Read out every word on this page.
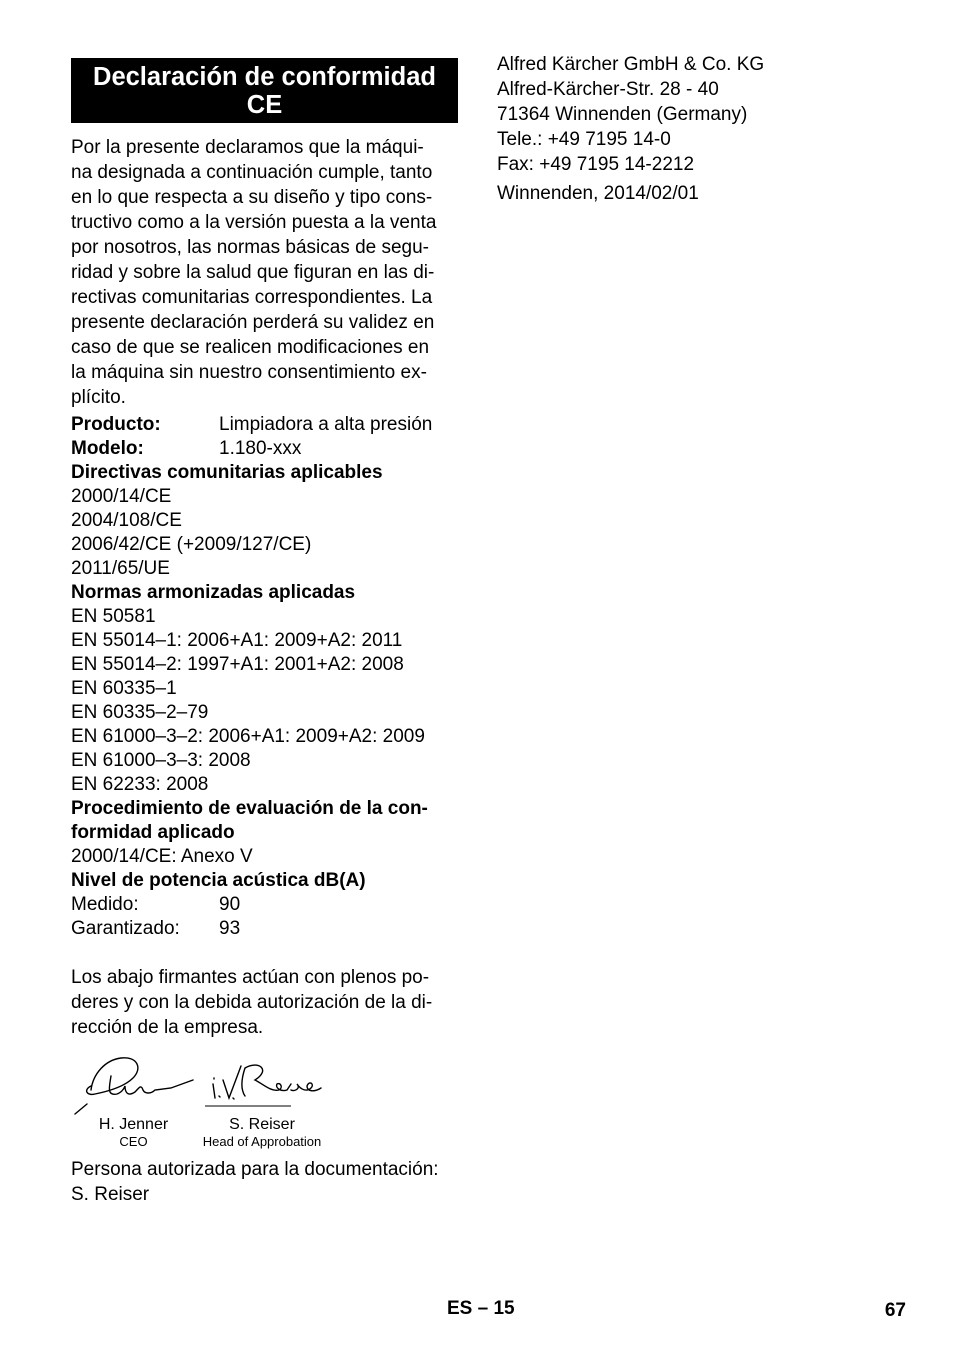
Declaración de conformidad
CE
Por la presente declaramos que la máqui-
na designada a continuación cumple, tanto
en lo que respecta a su diseño y tipo cons-
tructivo como a la versión puesta a la venta
por nosotros, las normas básicas de segu-
ridad y sobre la salud que figuran en las di-
rectivas comunitarias correspondientes. La
presente declaración perderá su validez en
caso de que se realicen modificaciones en
la máquina sin nuestro consentimiento ex-
plícito.
Producto:	Limpiadora a alta presión
Modelo:	1.180-xxx
Directivas comunitarias aplicables
2000/14/CE
2004/108/CE
2006/42/CE (+2009/127/CE)
2011/65/UE
Normas armonizadas aplicadas
EN 50581
EN 55014–1: 2006+A1: 2009+A2: 2011
EN 55014–2: 1997+A1: 2001+A2: 2008
EN 60335–1
EN 60335–2–79
EN 61000–3–2: 2006+A1: 2009+A2: 2009
EN 61000–3–3: 2008
EN 62233: 2008
Procedimiento de evaluación de la con-
formidad aplicado
2000/14/CE: Anexo V
Nivel de potencia acústica dB(A)
Medido:	90
Garantizado:	93
Los abajo firmantes actúan con plenos po-
deres y con la debida autorización de la di-
rección de la empresa.
H. Jenner
CEO
S. Reiser
Head of Approbation
Persona autorizada para la documentación:
S. Reiser
Alfred Kärcher GmbH & Co. KG
Alfred-Kärcher-Str. 28 - 40
71364 Winnenden (Germany)
Tele.: +49 7195 14-0
Fax: +49 7195 14-2212
Winnenden, 2014/02/01
ES – 15	67
